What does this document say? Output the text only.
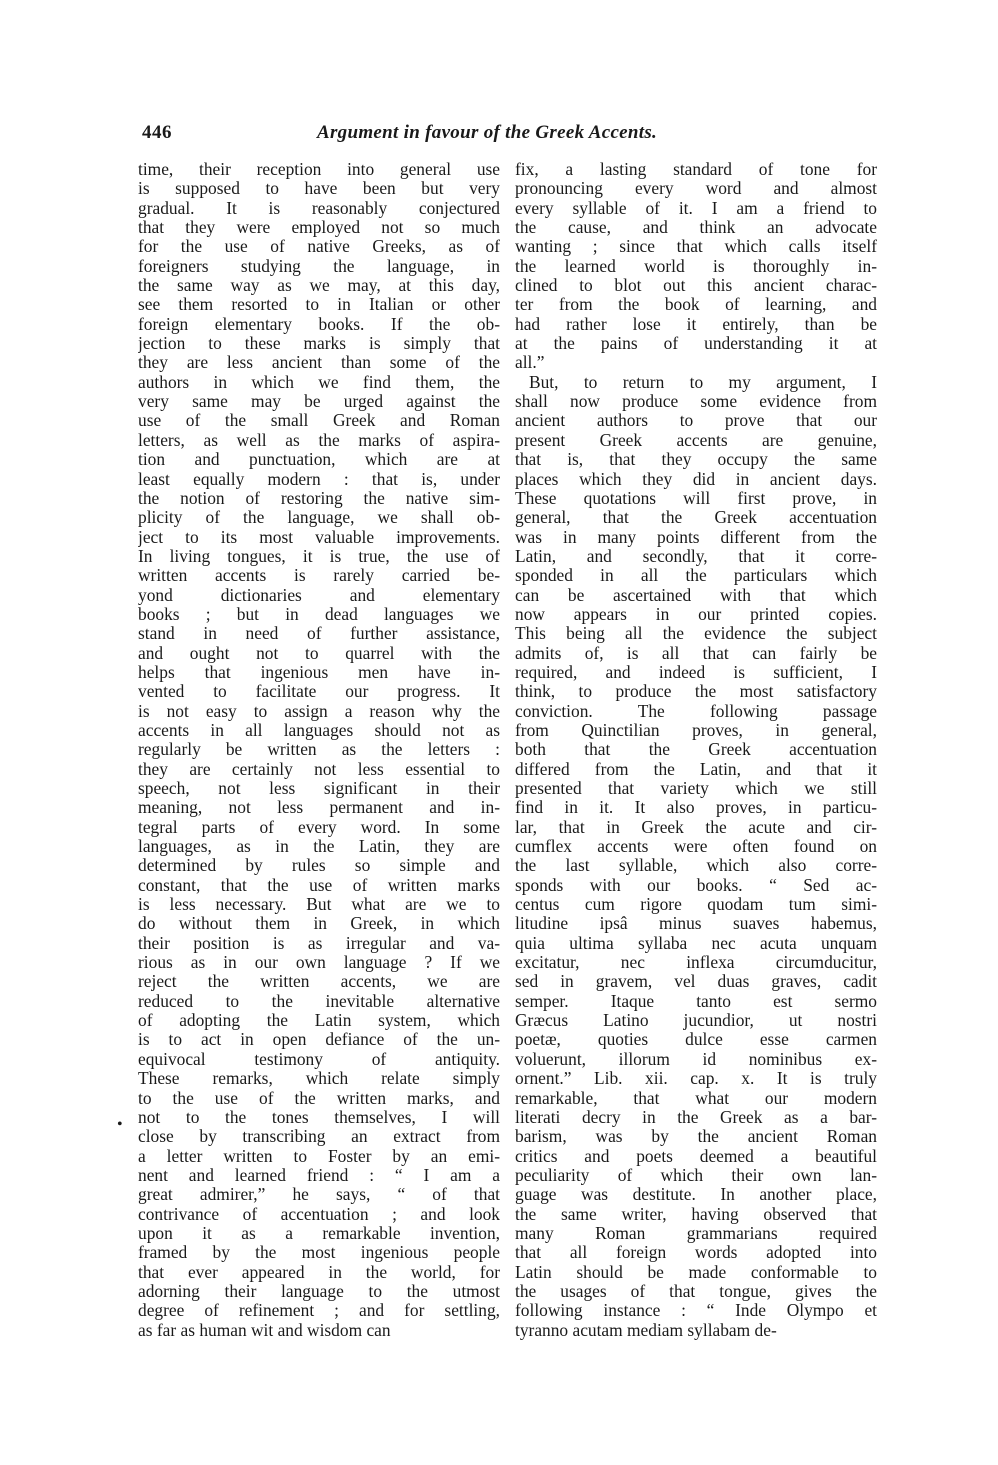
446	Argument in favour of the Greek Accents.
•
time, their reception into general use
is supposed to have been but very
gradual. It is reasonably conjectured
that they were employed not so much
for the use of native Greeks, as of
foreigners studying the language, in
the same way as we may, at this day,
see them resorted to in Italian or other
foreign elementary books. If the ob-
jection to these marks is simply that
they are less ancient than some of the
authors in which we find them, the
very same may be urged against the
use of the small Greek and Roman
letters, as well as the marks of aspira-
tion and punctuation, which are at
least equally modern : that is, under
the notion of restoring the native sim-
plicity of the language, we shall ob-
ject to its most valuable improvements.
In living tongues, it is true, the use of
written accents is rarely carried be-
yond dictionaries and elementary
books ; but in dead languages we
stand in need of further assistance,
and ought not to quarrel with the
helps that ingenious men have in-
vented to facilitate our progress. It
is not easy to assign a reason why the
accents in all languages should not as
regularly be written as the letters :
they are certainly not less essential to
speech, not less significant in their
meaning, not less permanent and in-
tegral parts of every word. In some
languages, as in the Latin, they are
determined by rules so simple and
constant, that the use of written marks
is less necessary. But what are we to
do without them in Greek, in which
their position is as irregular and va-
rious as in our own language ? If we
reject the written accents, we are
reduced to the inevitable alternative
of adopting the Latin system, which
is to act in open defiance of the un-
equivocal testimony of antiquity.
These remarks, which relate simply
to the use of the written marks, and
not to the tones themselves, I will
close by transcribing an extract from
a letter written to Foster by an emi-
nent and learned friend : “ I am a
great admirer,” he says, “ of that
contrivance of accentuation ; and look
upon it as a remarkable invention,
framed by the most ingenious people
that ever appeared in the world, for
adorning their language to the utmost
degree of refinement ; and for settling,
as far as human wit and wisdom can
fix, a lasting standard of tone for
pronouncing every word and almost
every syllable of it. I am a friend to
the cause, and think an advocate
wanting ; since that which calls itself
the learned world is thoroughly in-
clined to blot out this ancient charac-
ter from the book of learning, and
had rather lose it entirely, than be
at the pains of understanding it at
all.”
But, to return to my argument, I
shall now produce some evidence from
ancient authors to prove that our
present Greek accents are genuine,
that is, that they occupy the same
places which they did in ancient days.
These quotations will first prove, in
general, that the Greek accentuation
was in many points different from the
Latin, and secondly, that it corre-
sponded in all the particulars which
can be ascertained with that which
now appears in our printed copies.
This being all the evidence the subject
admits of, is all that can fairly be
required, and indeed is sufficient, I
think, to produce the most satisfactory
conviction. The following passage
from Quinctilian proves, in general,
both that the Greek accentuation
differed from the Latin, and that it
presented that variety which we still
find in it. It also proves, in particu-
lar, that in Greek the acute and cir-
cumflex accents were often found on
the last syllable, which also corre-
sponds with our books. “ Sed ac-
centus cum rigore quodam tum simi-
litudine ipsâ minus suaves habemus,
quia ultima syllaba nec acuta unquam
excitatur, nec inflexa circumducitur,
sed in gravem, vel duas graves, cadit
semper. Itaque tanto est sermo
Græcus Latino jucundior, ut nostri
poetæ, quoties dulce esse carmen
voluerunt, illorum id nominibus ex-
ornent.” Lib. xii. cap. x. It is truly
remarkable, that what our modern
literati decry in the Greek as a bar-
barism, was by the ancient Roman
critics and poets deemed a beautiful
peculiarity of which their own lan-
guage was destitute. In another place,
the same writer, having observed that
many Roman grammarians required
that all foreign words adopted into
Latin should be made conformable to
the usages of that tongue, gives the
following instance : “ Inde Olympo et
tyranno acutam mediam syllabam de-
